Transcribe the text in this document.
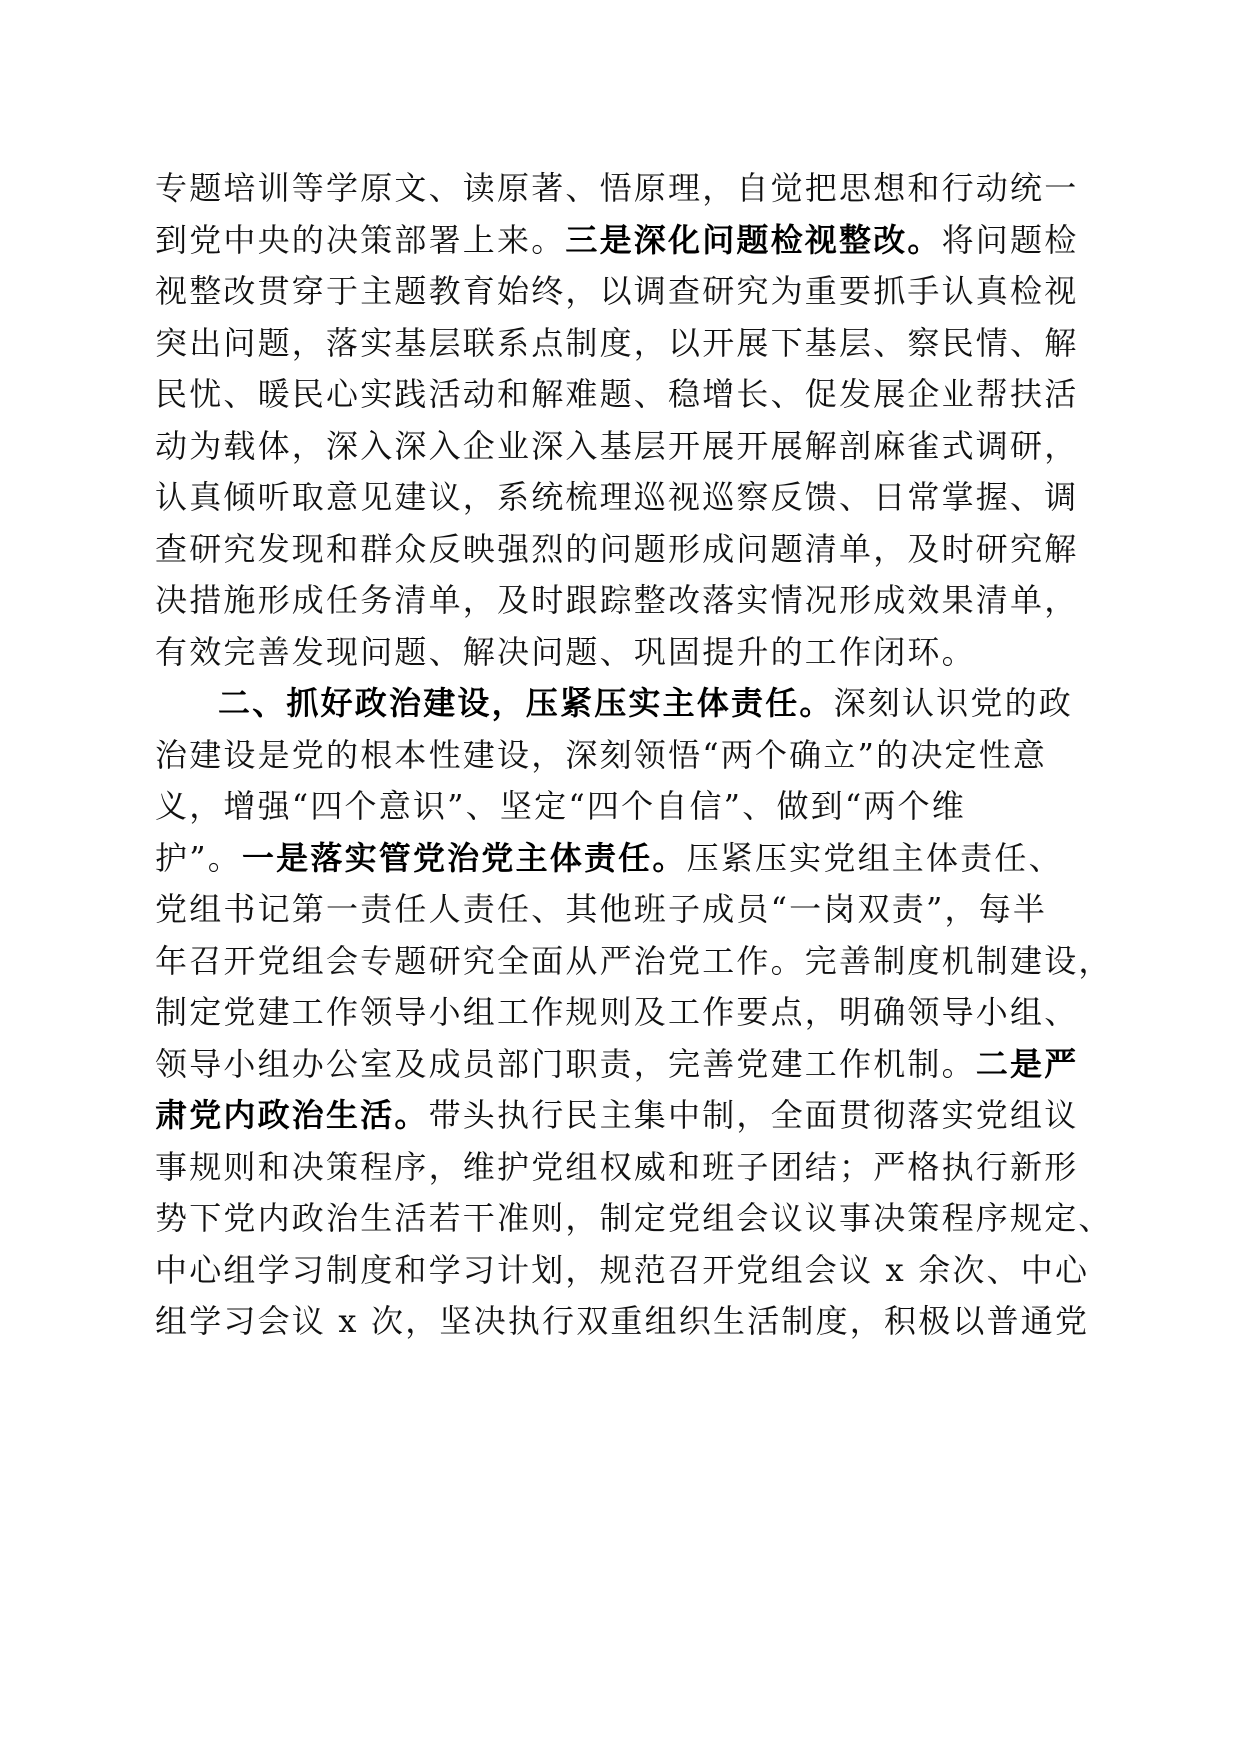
专题培训等学原文、读原著、悟原理，自觉把思想和行动统一
到党中央的决策部署上来。三是深化问题检视整改。将问题检
视整改贯穿于主题教育始终，以调查研究为重要抓手认真检视
突出问题，落实基层联系点制度，以开展下基层、察民情、解
民忧、暖民心实践活动和解难题、稳增长、促发展企业帮扶活
动为载体，深入深入企业深入基层开展开展解剖麻雀式调研，
认真倾听取意见建议，系统梳理巡视巡察反馈、日常掌握、调
查研究发现和群众反映强烈的问题形成问题清单，及时研究解
决措施形成任务清单，及时跟踪整改落实情况形成效果清单，
有效完善发现问题、解决问题、巩固提升的工作闭环。
二、抓好政治建设，压紧压实主体责任。深刻认识党的政
治建设是党的根本性建设，深刻领悟“两个确立”的决定性意
义，增强“四个意识”、坚定“四个自信”、做到“两个维
护”。一是落实管党治党主体责任。压紧压实党组主体责任、
党组书记第一责任人责任、其他班子成员“一岗双责”，每半
年召开党组会专题研究全面从严治党工作。完善制度机制建设，
制定党建工作领导小组工作规则及工作要点，明确领导小组、
领导小组办公室及成员部门职责，完善党建工作机制。二是严
肃党内政治生活。带头执行民主集中制，全面贯彻落实党组议
事规则和决策程序，维护党组权威和班子团结；严格执行新形
势下党内政治生活若干准则，制定党组会议议事决策程序规定、
中心组学习制度和学习计划，规范召开党组会议 x 余次、中心
组学习会议 x 次，坚决执行双重组织生活制度，积极以普通党
